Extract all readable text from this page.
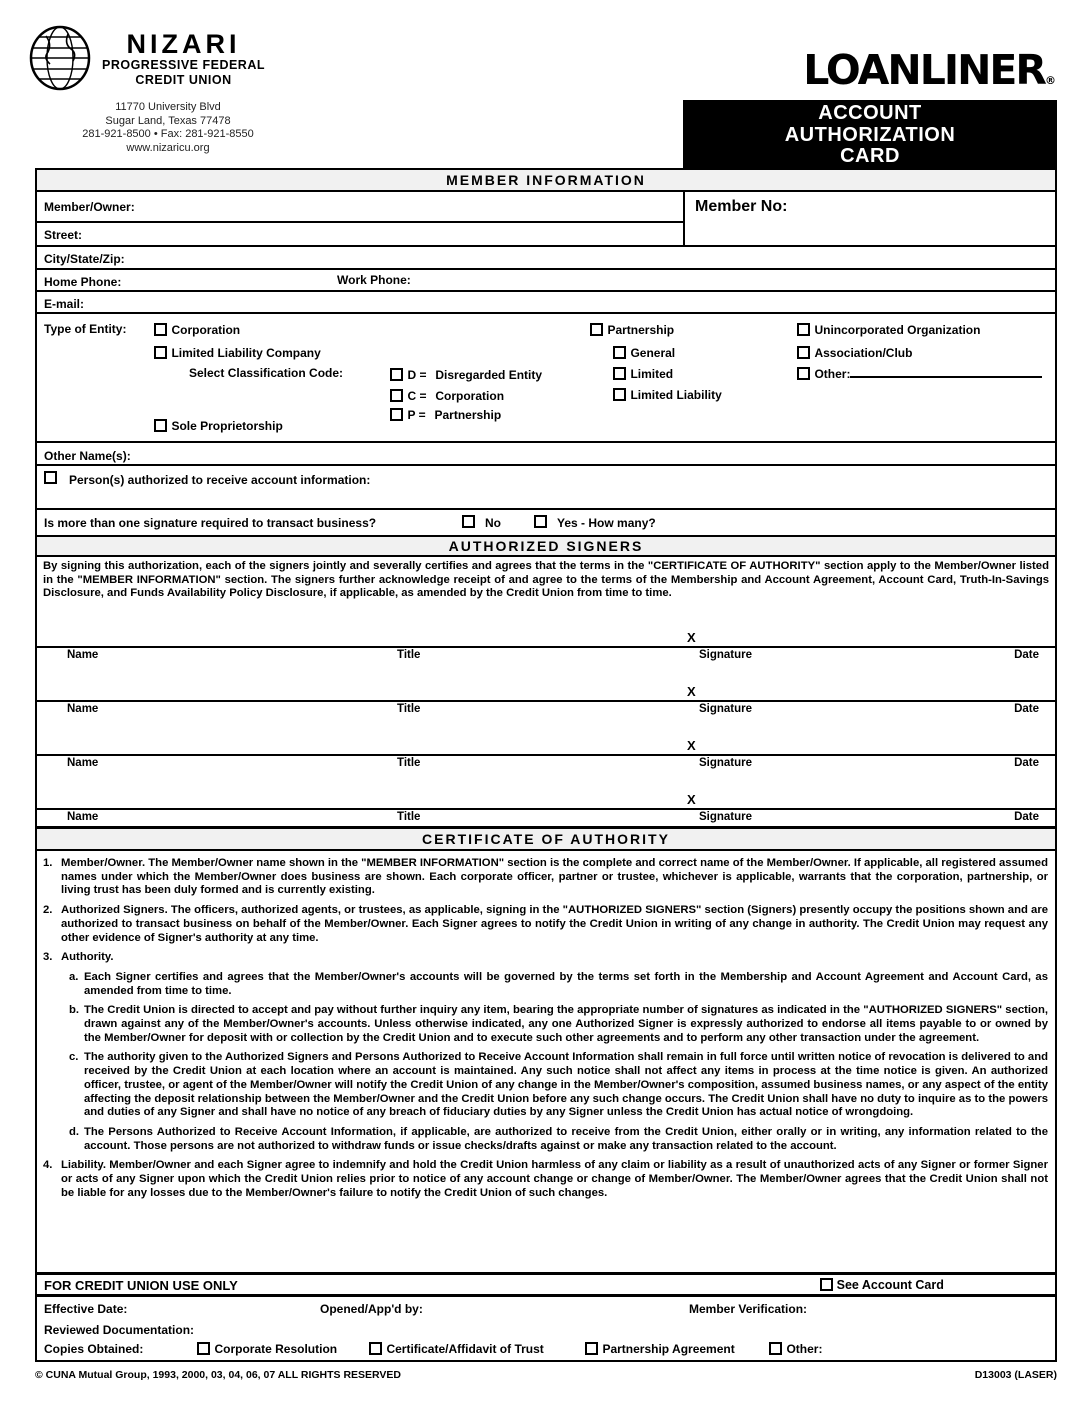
NIZARI
PROGRESSIVE FEDERAL
CREDIT UNION
11770 University Blvd
Sugar Land, Texas 77478
281-921-8500 • Fax: 281-921-8550
www.nizaricu.org
LOANLINER®
ACCOUNT
AUTHORIZATION
CARD
MEMBER INFORMATION
Member/Owner:
Street:
Member No:
City/State/Zip:
Home Phone:	Work Phone:
E-mail:
Type of Entity:	Corporation
Limited Liability Company
Select Classification Code:
Sole Proprietorship
D = Disregarded Entity
C = Corporation
P = Partnership
Partnership
General
Limited
Limited Liability
Unincorporated Organization
Association/Club
Other:
Other Name(s):
Person(s) authorized to receive account information:
Is more than one signature required to transact business?	No	Yes - How many?
AUTHORIZED SIGNERS
By signing this authorization, each of the signers jointly and severally certifies and agrees that the terms in the "CERTIFICATE OF AUTHORITY" section apply to the Member/Owner listed in the "MEMBER INFORMATION" section. The signers further acknowledge receipt of and agree to the terms of the Membership and Account Agreement, Account Card, Truth-In-Savings Disclosure, and Funds Availability Policy Disclosure, if applicable, as amended by the Credit Union from time to time.
X
Name	Title	Signature	Date
X
Name	Title	Signature	Date
X
Name	Title	Signature	Date
X
Name	Title	Signature	Date
CERTIFICATE OF AUTHORITY
1. Member/Owner. The Member/Owner name shown in the "MEMBER INFORMATION" section is the complete and correct name of the Member/Owner. If applicable, all registered assumed names under which the Member/Owner does business are shown. Each corporate officer, partner or trustee, whichever is applicable, warrants that the corporation, partnership, or living trust has been duly formed and is currently existing.
2. Authorized Signers. The officers, authorized agents, or trustees, as applicable, signing in the "AUTHORIZED SIGNERS" section (Signers) presently occupy the positions shown and are authorized to transact business on behalf of the Member/Owner. Each Signer agrees to notify the Credit Union in writing of any change in authority. The Credit Union may request any other evidence of Signer's authority at any time.
3. Authority.
a. Each Signer certifies and agrees that the Member/Owner's accounts will be governed by the terms set forth in the Membership and Account Agreement and Account Card, as amended from time to time.
b. The Credit Union is directed to accept and pay without further inquiry any item, bearing the appropriate number of signatures as indicated in the "AUTHORIZED SIGNERS" section, drawn against any of the Member/Owner's accounts. Unless otherwise indicated, any one Authorized Signer is expressly authorized to endorse all items payable to or owned by the Member/Owner for deposit with or collection by the Credit Union and to execute such other agreements and to perform any other transaction under the agreement.
c. The authority given to the Authorized Signers and Persons Authorized to Receive Account Information shall remain in full force until written notice of revocation is delivered to and received by the Credit Union at each location where an account is maintained. Any such notice shall not affect any items in process at the time notice is given. An authorized officer, trustee, or agent of the Member/Owner will notify the Credit Union of any change in the Member/Owner's composition, assumed business names, or any aspect of the entity affecting the deposit relationship between the Member/Owner and the Credit Union before any such change occurs. The Credit Union shall have no duty to inquire as to the powers and duties of any Signer and shall have no notice of any breach of fiduciary duties by any Signer unless the Credit Union has actual notice of wrongdoing.
d. The Persons Authorized to Receive Account Information, if applicable, are authorized to receive from the Credit Union, either orally or in writing, any information related to the account. Those persons are not authorized to withdraw funds or issue checks/drafts against or make any transaction related to the account.
4. Liability. Member/Owner and each Signer agree to indemnify and hold the Credit Union harmless of any claim or liability as a result of unauthorized acts of any Signer or former Signer or acts of any Signer upon which the Credit Union relies prior to notice of any account change or change of Member/Owner. The Member/Owner agrees that the Credit Union shall not be liable for any losses due to the Member/Owner's failure to notify the Credit Union of such changes.
FOR CREDIT UNION USE ONLY	See Account Card
Effective Date:	Opened/App'd by:	Member Verification:
Reviewed Documentation:
Copies Obtained:	Corporate Resolution	Certificate/Affidavit of Trust	Partnership Agreement	Other:
© CUNA Mutual Group, 1993, 2000, 03, 04, 06, 07 ALL RIGHTS RESERVED	D13003 (LASER)
